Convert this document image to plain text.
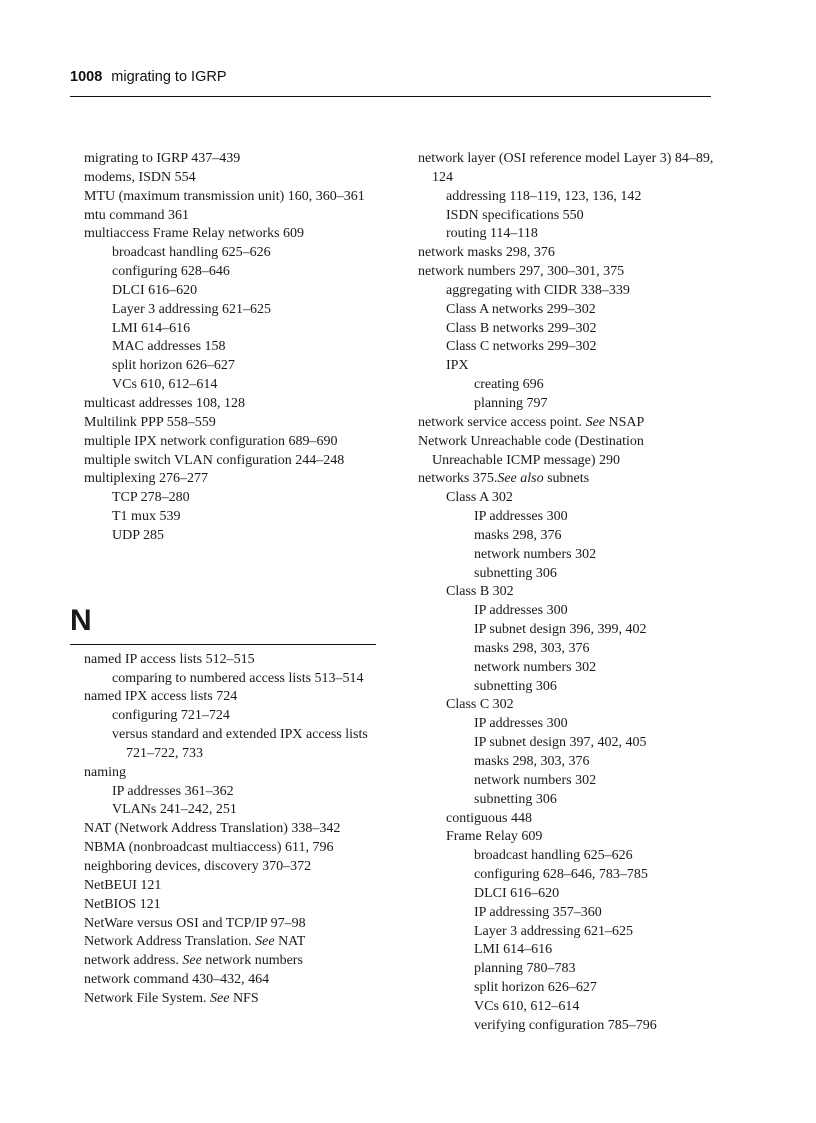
1008 migrating to IGRP
migrating to IGRP 437–439
modems, ISDN 554
MTU (maximum transmission unit) 160, 360–361
mtu command 361
multiaccess Frame Relay networks 609
broadcast handling 625–626
configuring 628–646
DLCI 616–620
Layer 3 addressing 621–625
LMI 614–616
MAC addresses 158
split horizon 626–627
VCs 610, 612–614
multicast addresses 108, 128
Multilink PPP 558–559
multiple IPX network configuration 689–690
multiple switch VLAN configuration 244–248
multiplexing 276–277
TCP 278–280
T1 mux 539
UDP 285
N
named IP access lists 512–515
comparing to numbered access lists 513–514
named IPX access lists 724
configuring 721–724
versus standard and extended IPX access lists
721–722, 733
naming
IP addresses 361–362
VLANs 241–242, 251
NAT (Network Address Translation) 338–342
NBMA (nonbroadcast multiaccess) 611, 796
neighboring devices, discovery 370–372
NetBEUI 121
NetBIOS 121
NetWare versus OSI and TCP/IP 97–98
Network Address Translation. See NAT
network address. See network numbers
network command 430–432, 464
Network File System. See NFS
network layer (OSI reference model Layer 3) 84–89,
124
addressing 118–119, 123, 136, 142
ISDN specifications 550
routing 114–118
network masks 298, 376
network numbers 297, 300–301, 375
aggregating with CIDR 338–339
Class A networks 299–302
Class B networks 299–302
Class C networks 299–302
IPX
creating 696
planning 797
network service access point. See NSAP
Network Unreachable code (Destination
Unreachable ICMP message) 290
networks 375.See also subnets
Class A 302
IP addresses 300
masks 298, 376
network numbers 302
subnetting 306
Class B 302
IP addresses 300
IP subnet design 396, 399, 402
masks 298, 303, 376
network numbers 302
subnetting 306
Class C 302
IP addresses 300
IP subnet design 397, 402, 405
masks 298, 303, 376
network numbers 302
subnetting 306
contiguous 448
Frame Relay 609
broadcast handling 625–626
configuring 628–646, 783–785
DLCI 616–620
IP addressing 357–360
Layer 3 addressing 621–625
LMI 614–616
planning 780–783
split horizon 626–627
VCs 610, 612–614
verifying configuration 785–796
